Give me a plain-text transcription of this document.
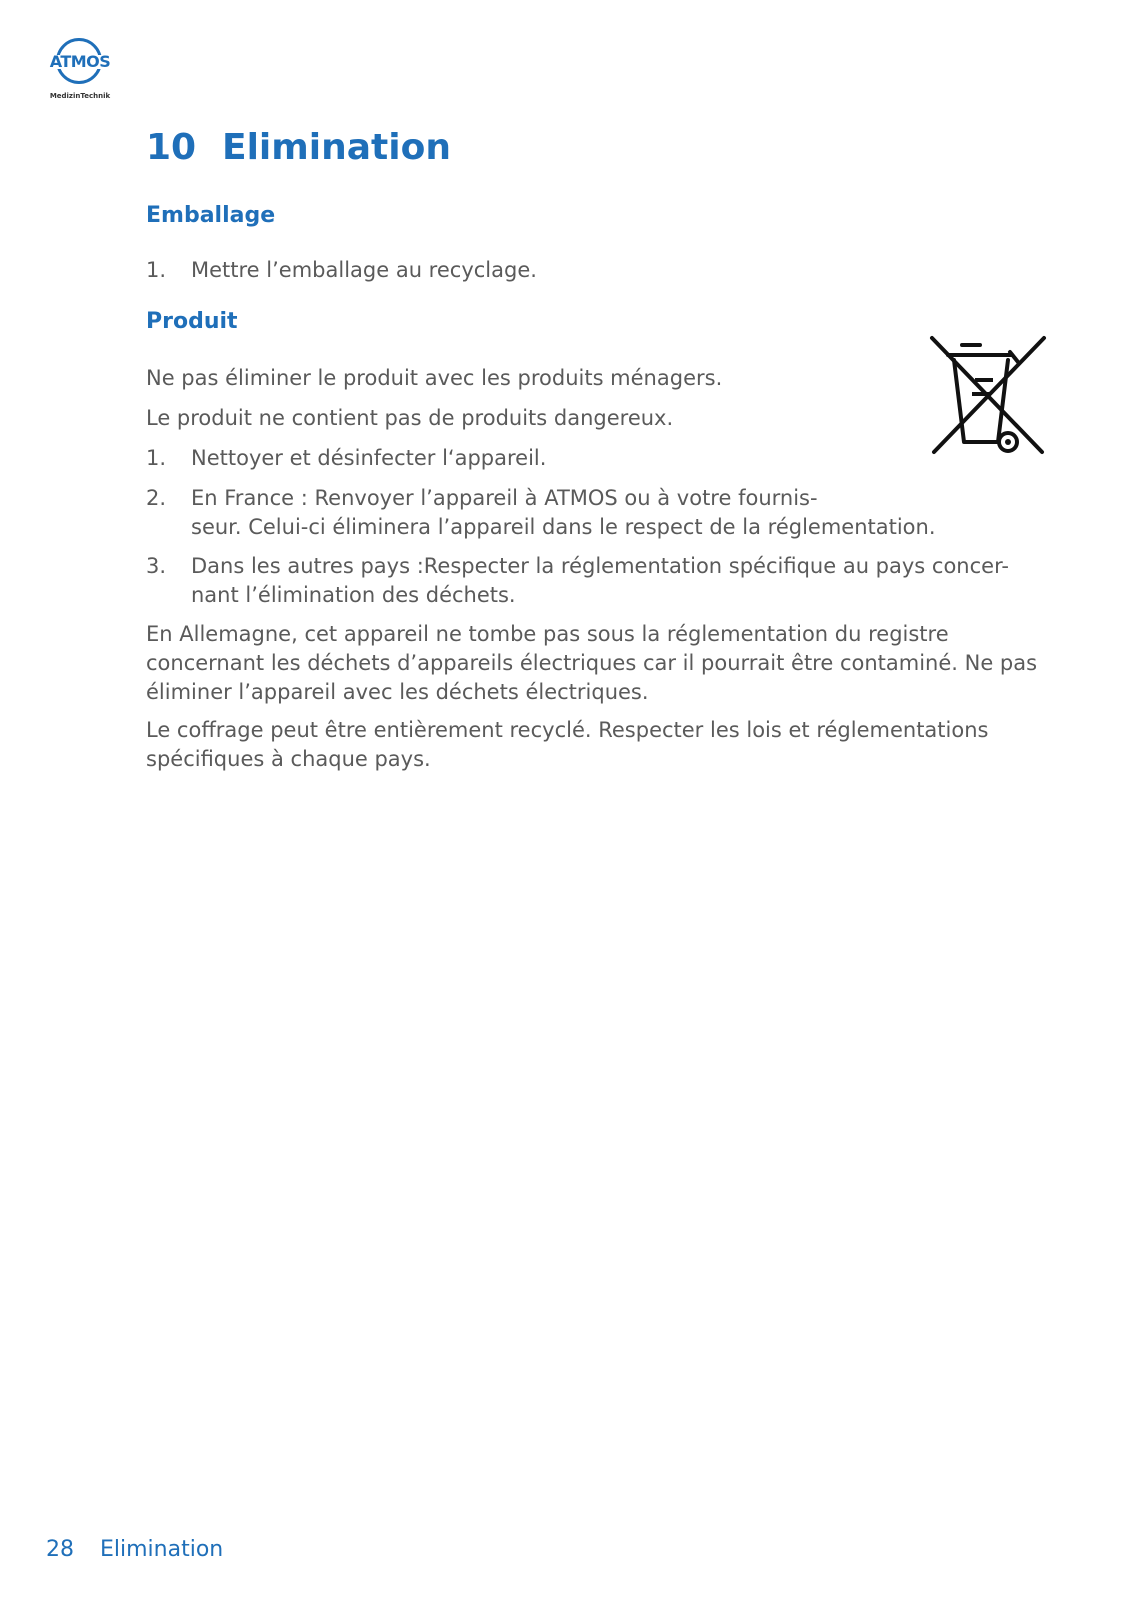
ATMOS
MedizinTechnik
10 Elimination
Emballage
1.	Mettre l’emballage au recyclage.
Produit

Ne pas éliminer le produit avec les produits ménagers.

Le produit ne contient pas de produits dangereux.

1.	Nettoyer et désinfecter l‘appareil.
2.	En France : Renvoyer l’appareil à ATMOS ou à votre fournis-
seur. Celui-ci éliminera l’appareil dans le respect de la réglementation.
3.	Dans les autres pays :Respecter la réglementation spécifique au pays concer-
nant l’élimination des déchets.

En Allemagne, cet appareil ne tombe pas sous la réglementation du registre concernant les déchets d’appareils électriques car il pourrait être contaminé. Ne pas éliminer l’appareil avec les déchets électriques.

Le coffrage peut être entièrement recyclé. Respecter les lois et réglementations spécifiques à chaque pays.

28 Elimination
